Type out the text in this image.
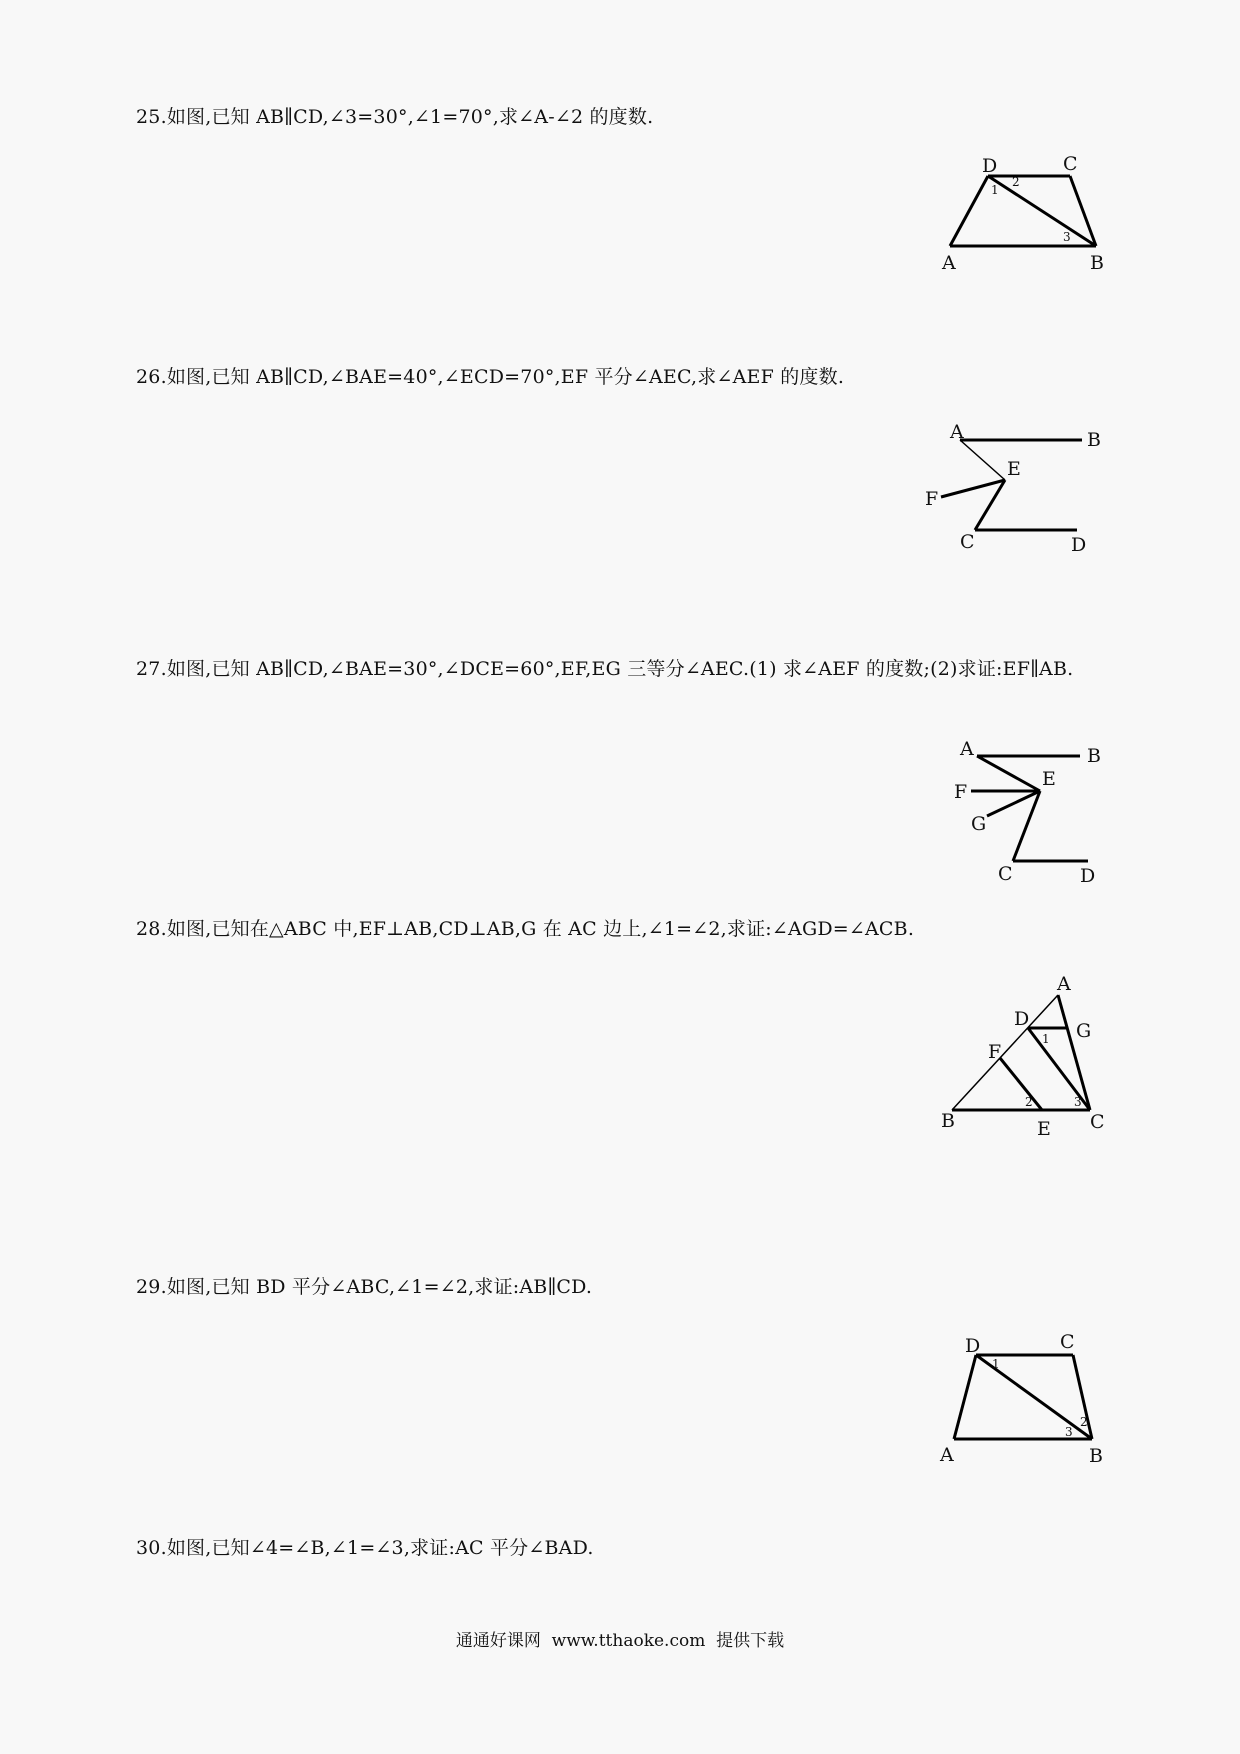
25.如图,已知 AB∥CD,∠3=30°,∠1=70°,求∠A-∠2 的度数.

A	B
C
D
1
2
3

26.如图,已知 AB∥CD,∠BAE=40°,∠ECD=70°,EF 平分∠AEC,求∠AEF 的度数.

A	B
E
F
C	D

27.如图,已知 AB∥CD,∠BAE=30°,∠DCE=60°,EF,EG 三等分∠AEC.(1) 求∠AEF 的度数;(2)求证:EF∥AB.

A	B
E
F
G
C	D

28.如图,已知在△ABC 中,EF⊥AB,CD⊥AB,G 在 AC 边上,∠1=∠2,求证:∠AGD=∠ACB.

A
D
G
F
B	E C
1
2	3

29.如图,已知 BD 平分∠ABC,∠1=∠2,求证:AB∥CD.

D	C
A	B
1
2
3

30.如图,已知∠4=∠B,∠1=∠3,求证:AC 平分∠BAD.

通通好课网  www.tthaoke.com  提供下载
